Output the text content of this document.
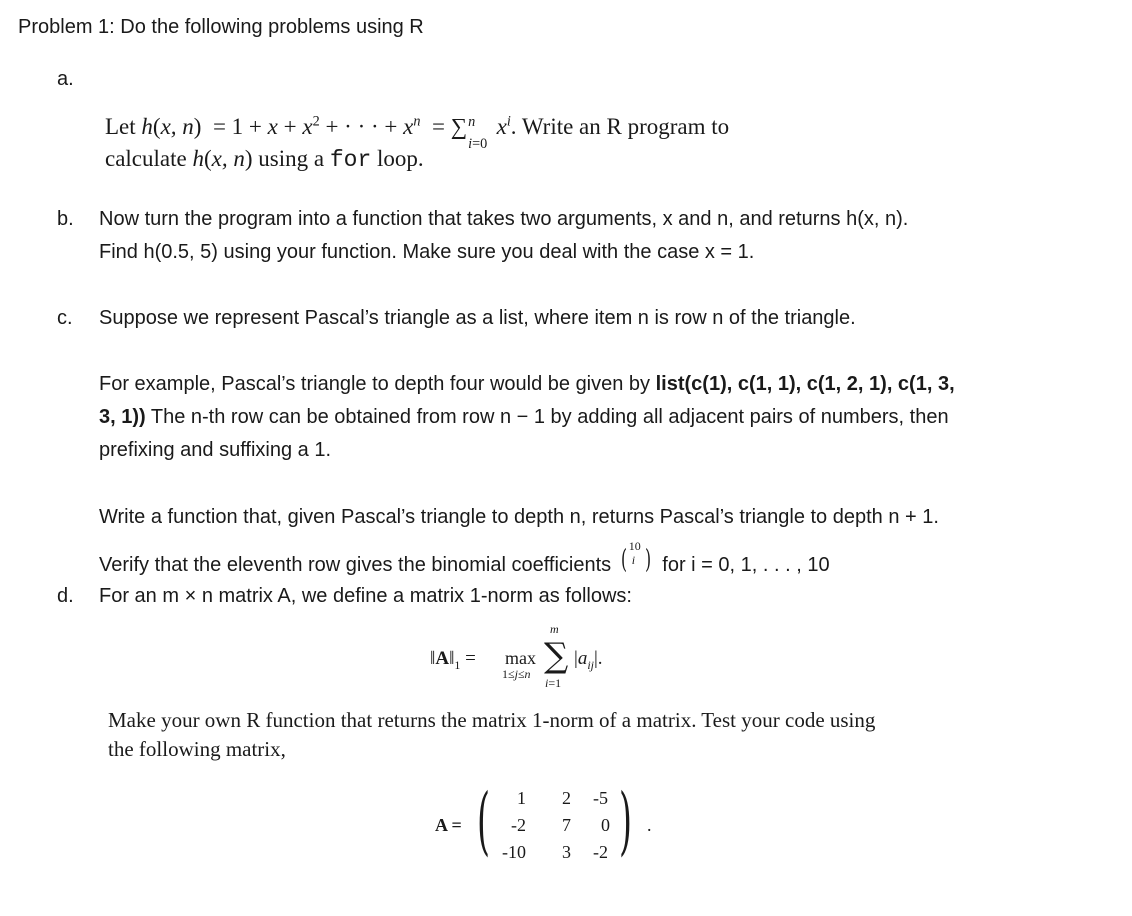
Problem 1: Do the following problems using R
a.
Let h(x, $n) = 1 + x + x^2$ + · · · + $x^n$  = ∑ n
i=0
$x^i$. Write an R program to
calculate h(x, n) using a for loop.
b. Now turn the program into a function that takes two arguments, x and n, and returns h(x, n).
Find h(0.5, 5) using your function. Make sure you deal with the case x = 1.
c. Suppose we represent Pascal’s triangle as a list, where item n is row n of the triangle.
For example, Pascal’s triangle to depth four would be given by list(c(1), c(1, 1), c(1, 2, 1), c(1, 3,
3, 1)) The n-th row can be obtained from row n − 1 by adding all adjacent pairs of numbers, then
prefixing and suffixing a 1.
Write a function that, given Pascal’s triangle to depth n, returns Pascal’s triangle to depth n + 1.
Verify that the eleventh row gives the binomial coefficients ( 10
i ) for i = 0, 1, . . . , 10
d. For an m × n matrix A, we define a matrix 1-norm as follows:
$‖A‖_1 = \max$
1≤j≤n ∑
m
i=1
$|a_{ij}|$.
Make your own R function that returns the matrix 1-norm of a matrix. Test your code using
the following matrix,
A = ( )
1 2 -5
-2 7 0
-10 3 -2
.
